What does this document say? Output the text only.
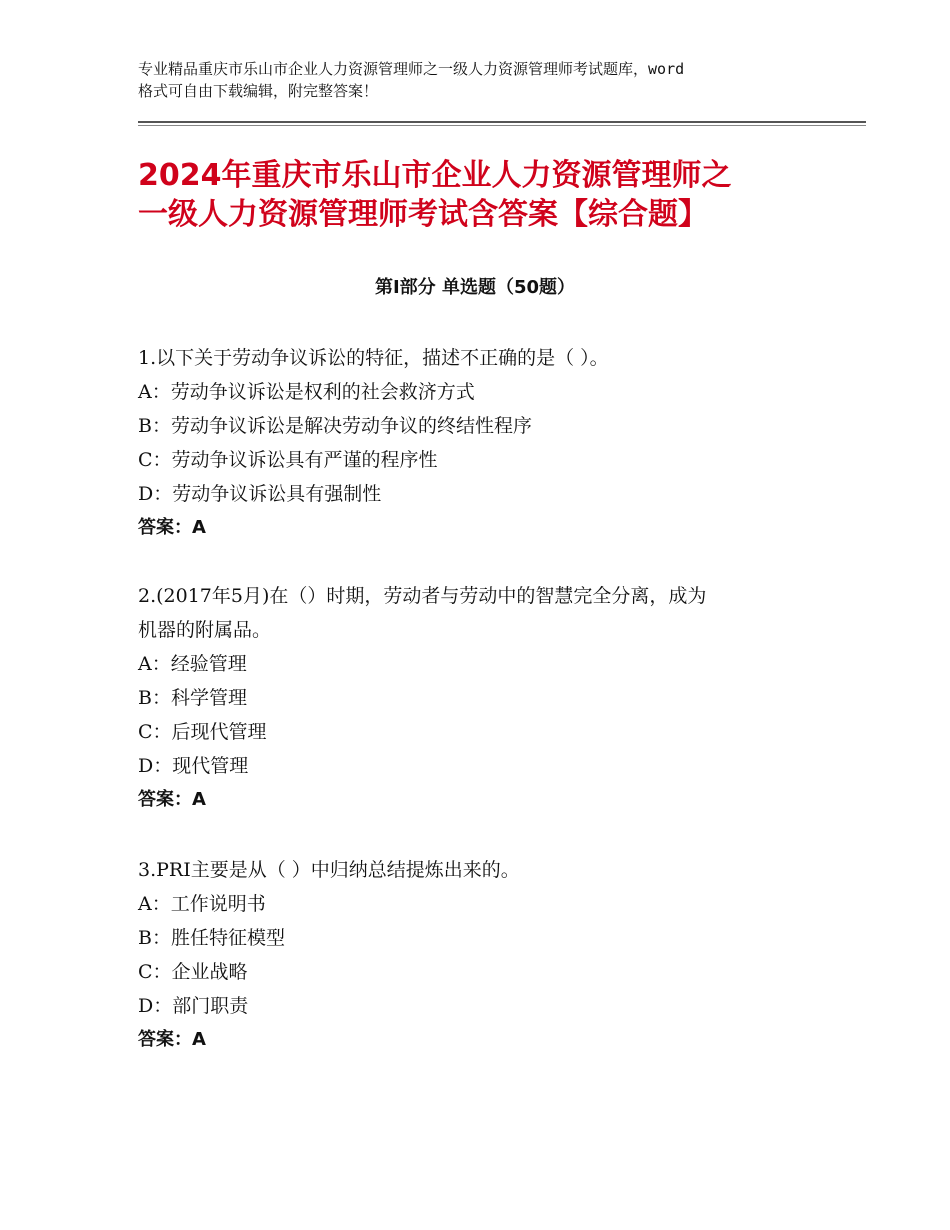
专业精品重庆市乐山市企业人力资源管理师之一级人力资源管理师考试题库，word
格式可自由下载编辑，附完整答案！
2024年重庆市乐山市企业人力资源管理师之
一级人力资源管理师考试含答案【综合题】
第Ⅰ部分 单选题（50题）
1.以下关于劳动争议诉讼的特征，描述不正确的是（ ）。
A：劳动争议诉讼是权利的社会救济方式
B：劳动争议诉讼是解决劳动争议的终结性程序
C：劳动争议诉讼具有严谨的程序性
D：劳动争议诉讼具有强制性
答案：A
2.(2017年5月)在（）时期，劳动者与劳动中的智慧完全分离，成为
机器的附属品。
A：经验管理
B：科学管理
C：后现代管理
D：现代管理
答案：A
3.PRI主要是从（ ）中归纳总结提炼出来的。
A：工作说明书
B：胜任特征模型
C：企业战略
D：部门职责
答案：A
